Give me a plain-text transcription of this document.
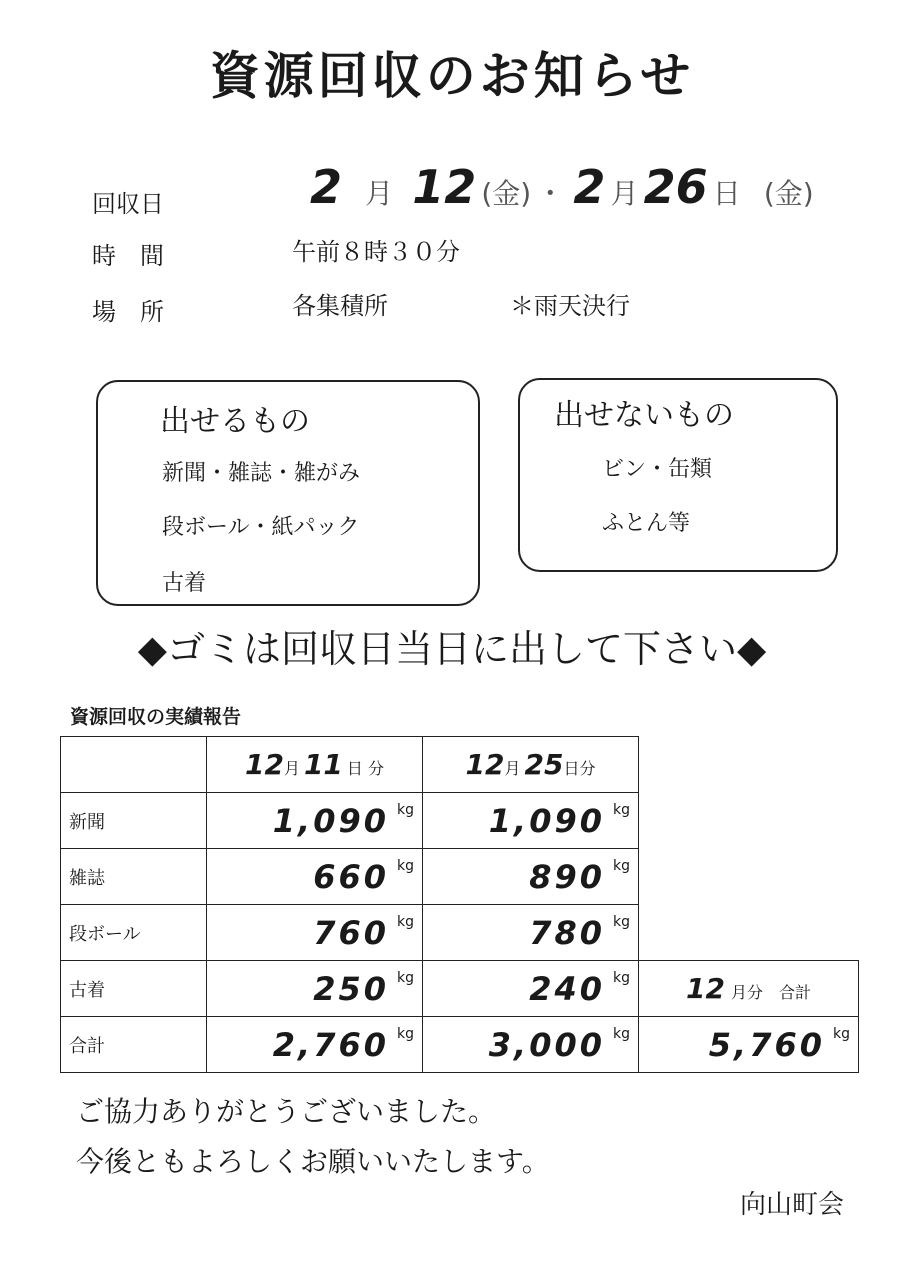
資源回収のお知らせ
回収日	2 月 12 (金) ・ 2 月 26 日 (金)
時　間	午前８時３０分
場　所	各集積所	＊雨天決行
出せるもの
新聞・雑誌・雑がみ
段ボール・紙パック
古着
出せないもの
ビン・缶類
ふとん等
◆ゴミは回収日当日に出して下さい◆
資源回収の実績報告
	12月 11 日 分	12月 25日分	
新聞	1,090 kg	1,090 kg	
雑誌	660 kg	890 kg	
段ボール	760 kg	780 kg	
古着	250 kg	240 kg	12 月分　合計
合計	2,760 kg	3,000 kg	5,760 kg
ご協力ありがとうございました。
今後ともよろしくお願いいたします。
向山町会
